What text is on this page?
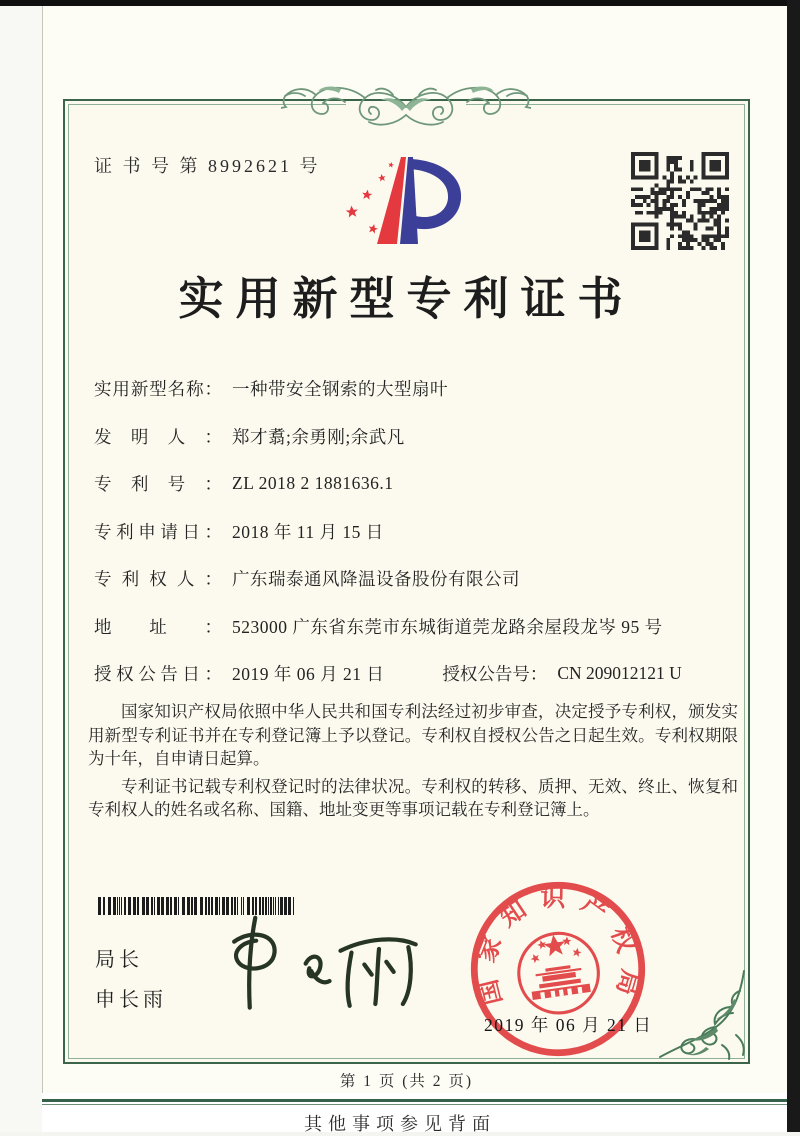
证 书 号 第 8992621 号
实用新型专利证书
实用新型名称： 一种带安全钢索的大型扇叶
发明人： 郑才翥;余勇刚;余武凡
专利号： ZL 2018 2 1881636.1
专利申请日： 2018 年 11 月 15 日
专利权人： 广东瑞泰通风降温设备股份有限公司
地址： 523000 广东省东莞市东城街道莞龙路余屋段龙岑 95 号
授权公告日： 2019 年 06 月 21 日	授权公告号： CN 209012121 U

国家知识产权局依照中华人民共和国专利法经过初步审查，决定授予专利权，颁发实用新型专利证书并在专利登记簿上予以登记。专利权自授权公告之日起生效。专利权期限为十年，自申请日起算。

专利证书记载专利权登记时的法律状况。专利权的转移、质押、无效、终止、恢复和专利权人的姓名或名称、国籍、地址变更等事项记载在专利登记簿上。

局长
申长雨	国家知识产权局
2019 年 06 月 21 日
第 1 页 (共 2 页)
其他事项参见背面
